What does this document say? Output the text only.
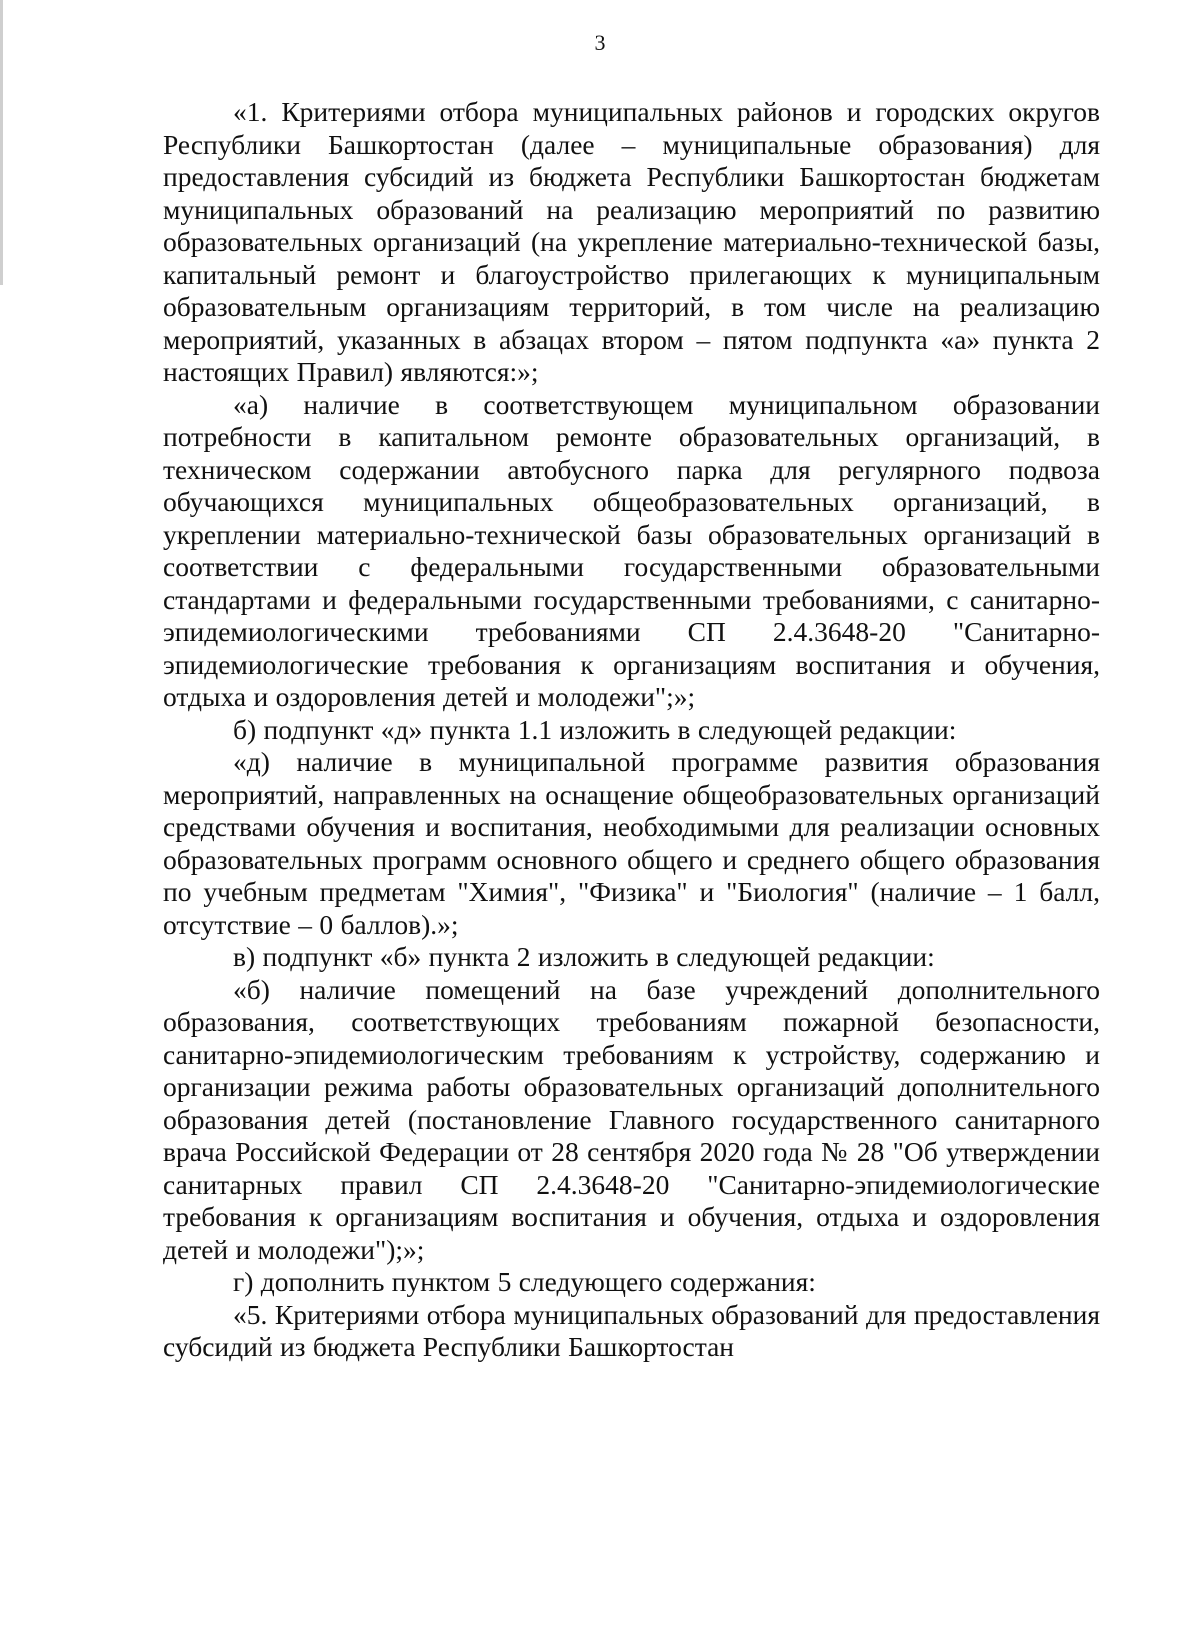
3

«1. Критериями отбора муниципальных районов и городских округов Республики Башкортостан (далее – муниципальные образования) для предоставления субсидий из бюджета Республики Башкортостан бюджетам муниципальных образований на реализацию мероприятий по развитию образовательных организаций (на укрепление материально-технической базы, капитальный ремонт и благоустройство прилегающих к муниципальным образовательным организациям территорий, в том числе на реализацию мероприятий, указанных в абзацах втором – пятом подпункта «а» пункта 2 настоящих Правил) являются:»;

«а) наличие в соответствующем муниципальном образовании потребности в капитальном ремонте образовательных организаций, в техническом содержании автобусного парка для регулярного подвоза обучающихся муниципальных общеобразовательных организаций, в укреплении материально-технической базы образовательных организаций в соответствии с федеральными государственными образовательными стандартами и федеральными государственными требованиями, с санитарно-эпидемиологическими требованиями СП 2.4.3648-20 "Санитарно-эпидемиологические требования к организациям воспитания и обучения, отдыха и оздоровления детей и молодежи";»;

б) подпункт «д» пункта 1.1 изложить в следующей редакции:

«д) наличие в муниципальной программе развития образования мероприятий, направленных на оснащение общеобразовательных организаций средствами обучения и воспитания, необходимыми для реализации основных образовательных программ основного общего и среднего общего образования по учебным предметам "Химия", "Физика" и "Биология" (наличие – 1 балл, отсутствие – 0 баллов).»;

в) подпункт «б» пункта 2 изложить в следующей редакции:

«б) наличие помещений на базе учреждений дополнительного образования, соответствующих требованиям пожарной безопасности, санитарно-эпидемиологическим требованиям к устройству, содержанию и организации режима работы образовательных организаций дополнительного образования детей (постановление Главного государственного санитарного врача Российской Федерации от 28 сентября 2020 года № 28 "Об утверждении санитарных правил СП 2.4.3648-20 "Санитарно-эпидемиологические требования к организациям воспитания и обучения, отдыха и оздоровления детей и молодежи");»;

г) дополнить пунктом 5 следующего содержания:

«5. Критериями отбора муниципальных образований для предоставления субсидий из бюджета Республики Башкортостан
